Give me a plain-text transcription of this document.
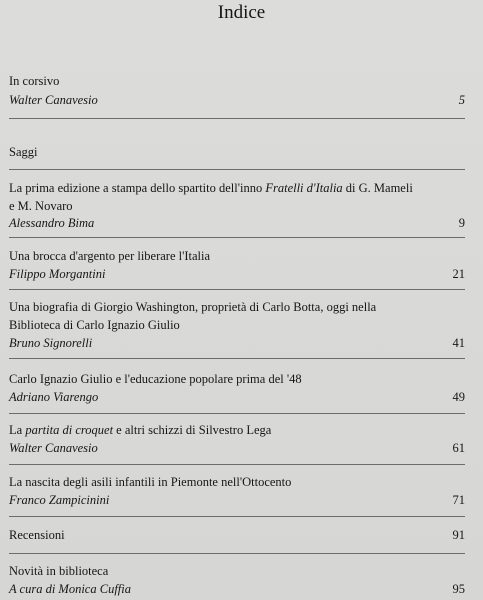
Indice
In corsivo
Walter Canavesio	5
Saggi
La prima edizione a stampa dello spartito dell'inno Fratelli d'Italia di G. Mameli
e M. Novaro
Alessandro Bima	9
Una brocca d'argento per liberare l'Italia
Filippo Morgantini	21
Una biografia di Giorgio Washington, proprietà di Carlo Botta, oggi nella
Biblioteca di Carlo Ignazio Giulio
Bruno Signorelli	41
Carlo Ignazio Giulio e l'educazione popolare prima del '48
Adriano Viarengo	49
La partita di croquet e altri schizzi di Silvestro Lega
Walter Canavesio	61
La nascita degli asili infantili in Piemonte nell'Ottocento
Franco Zampicinini	71
Recensioni	91
Novità in biblioteca
A cura di Monica Cuffia	95
